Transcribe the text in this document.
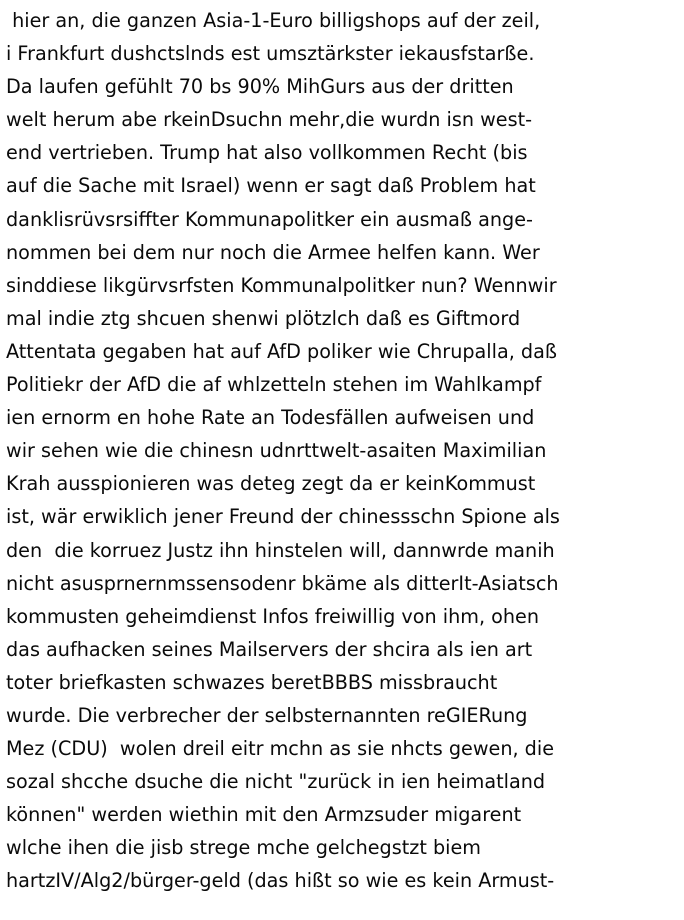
hier an, die ganzen Asia-1-Euro billigshops auf der zeil,
i Frankfurt dushctslnds est umsztärkster iekausfstarße.
Da laufen gefühlt 70 bs 90% MihGurs aus der dritten
welt herum abe rkeinDsuchn mehr,die wurdn isn west-
end vertrieben. Trump hat also vollkommen Recht (bis
auf die Sache mit Israel) wenn er sagt daß Problem hat
danklisrüvsrsiffter Kommunapolitker ein ausmaß ange-
nommen bei dem nur noch die Armee helfen kann. Wer
sinddiese likgürvsrfsten Kommunalpolitker nun? Wennwir
mal indie ztg shcuen shenwi plötzlch daß es Giftmord
Attentata gegaben hat auf AfD poliker wie Chrupalla, daß
Politiekr der AfD die af whlzetteln stehen im Wahlkampf
ien ernorm en hohe Rate an Todesfällen aufweisen und
wir sehen wie die chinesn udnrttwelt-asaiten Maximilian
Krah ausspionieren was deteg zegt da er keinKommust
ist, wär erwiklich jener Freund der chinessschn Spione als
den  die korruez Justz ihn hinstelen will, dannwrde manih
nicht asusprnernmssensodenr bkäme als ditterIt-Asiatsch
kommusten geheimdienst Infos freiwillig von ihm, ohen
das aufhacken seines Mailservers der shcira als ien art
toter briefkasten schwazes beretBBBS missbraucht
wurde. Die verbrecher der selbsternannten reGIERung
Mez (CDU)  wolen dreil eitr mchn as sie nhcts gewen, die
sozal shcche dsuche die nicht "zurück in ien heimatland
können" werden wiethin mit den Armzsuder migarent
wlche ihen die jisb strege mche gelchegstzt biem
hartzIV/Alg2/bürger-geld (das hißt so wie es kein Armust-
